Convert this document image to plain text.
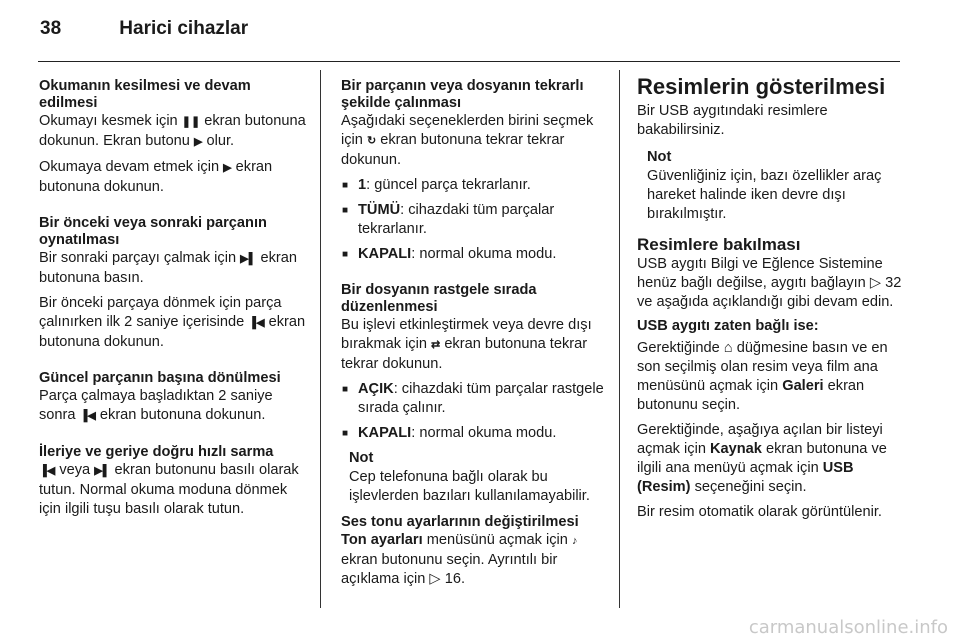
38	Harici cihazlar
Okumanın kesilmesi ve devam edilmesi

Okumayı kesmek için ❚❚ ekran butonuna dokunun. Ekran butonu ▶ olur.

Okumaya devam etmek için ▶ ekran butonuna dokunun.

Bir önceki veya sonraki parçanın oynatılması

Bir sonraki parçayı çalmak için ▶▌ ekran butonuna basın.

Bir önceki parçaya dönmek için parça çalınırken ilk 2 saniye içerisinde ▐◀ ekran butonuna dokunun.

Güncel parçanın başına dönülmesi

Parça çalmaya başladıktan 2 saniye sonra ▐◀ ekran butonuna dokunun.

İleriye ve geriye doğru hızlı sarma

▐◀ veya ▶▌ ekran butonunu basılı olarak tutun. Normal okuma moduna dönmek için ilgili tuşu basılı olarak tutun.

Bir parçanın veya dosyanın tekrarlı şekilde çalınması

Aşağıdaki seçeneklerden birini seçmek için ↻ ekran butonuna tekrar tekrar dokunun.

■ 1: güncel parça tekrarlanır.
■ TÜMÜ: cihazdaki tüm parçalar tekrarlanır.
■ KAPALI: normal okuma modu.
Bir dosyanın rastgele sırada düzenlenmesi

Bu işlevi etkinleştirmek veya devre dışı bırakmak için ⇄ ekran butonuna tekrar tekrar dokunun.

■ AÇIK: cihazdaki tüm parçalar rastgele sırada çalınır.
■ KAPALI: normal okuma modu.
Not
Cep telefonuna bağlı olarak bu işlevlerden bazıları kullanılamayabilir.
Ses tonu ayarlarının değiştirilmesi

Ton ayarları menüsünü açmak için ♪ ekran butonunu seçin. Ayrıntılı bir açıklama için ▷ 16.

Resimlerin gösterilmesi

Bir USB aygıtındaki resimlere bakabilirsiniz.

Not
Güvenliğiniz için, bazı özellikler araç hareket halinde iken devre dışı bırakılmıştır.
Resimlere bakılması

USB aygıtı Bilgi ve Eğlence Sistemine henüz bağlı değilse, aygıtı bağlayın ▷ 32 ve aşağıda açıklandığı gibi devam edin.

USB aygıtı zaten bağlı ise:

Gerektiğinde ⌂ düğmesine basın ve en son seçilmiş olan resim veya film ana menüsünü açmak için Galeri ekran butonunu seçin.

Gerektiğinde, aşağıya açılan bir listeyi açmak için Kaynak ekran butonuna ve ilgili ana menüyü açmak için USB (Resim) seçeneğini seçin.

Bir resim otomatik olarak görüntülenir.

carmanualsonline.info
